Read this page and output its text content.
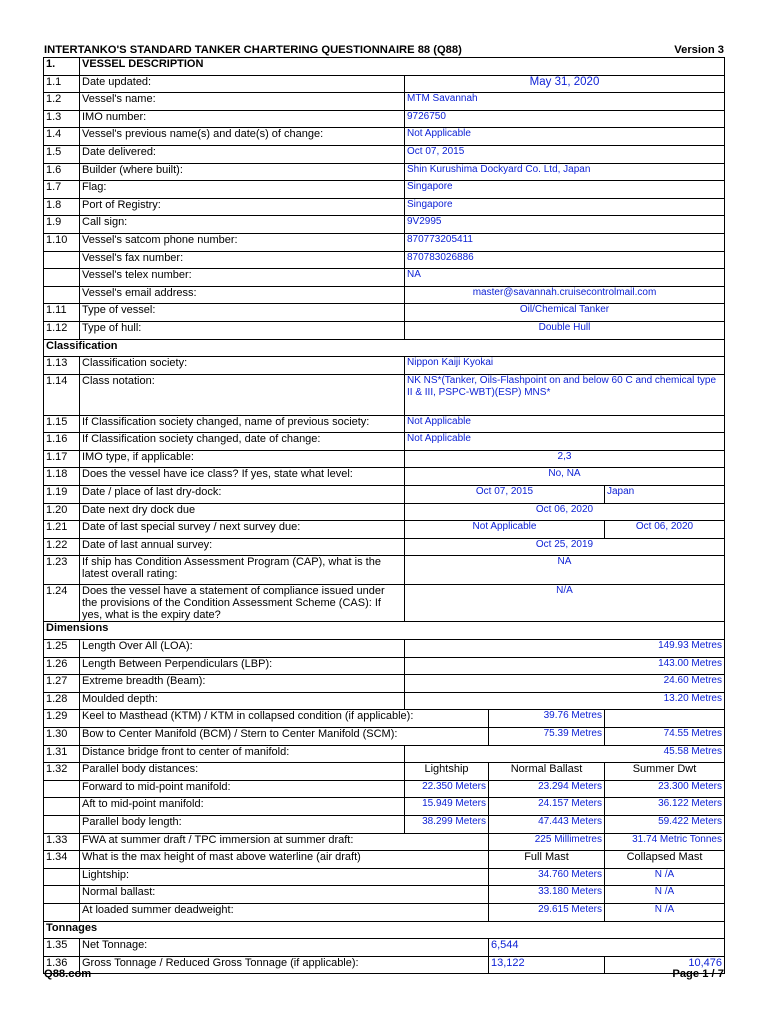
INTERTANKO'S STANDARD TANKER CHARTERING QUESTIONNAIRE 88 (Q88)	Version 3
1.	VESSEL DESCRIPTION			
1.1	Date updated:	May 31, 2020		
1.2	Vessel's name:	MTM Savannah		
1.3	IMO number:	9726750		
1.4	Vessel's previous name(s) and date(s) of change:	Not Applicable		
1.5	Date delivered:	Oct 07, 2015		
1.6	Builder (where built):	Shin Kurushima Dockyard Co. Ltd, Japan		
1.7	Flag:	Singapore		
1.8	Port of Registry:	Singapore		
1.9	Call sign:	9V2995		
1.10	Vessel's satcom phone number:	870773205411		
	Vessel's fax number:	870783026886		
	Vessel's telex number:	NA		
	Vessel's email address:	master@savannah.cruisecontrolmail.com		
1.11	Type of vessel:	Oil/Chemical Tanker		
1.12	Type of hull:	Double Hull		
Classification				
1.13	Classification society:	Nippon Kaiji Kyokai		
1.14	Class notation:	NK NS*(Tanker, Oils-Flashpoint on and below 60 C and chemical type II & III, PSPC-WBT)(ESP) MNS*		
1.15	If Classification society changed, name of previous society:	Not Applicable		
1.16	If Classification society changed, date of change:	Not Applicable		
1.17	IMO type, if applicable:	2,3		
1.18	Does the vessel have ice class? If yes, state what level:	No, NA		
1.19	Date / place of last dry-dock:	Oct 07, 2015		Japan
1.20	Date next dry dock due	Oct 06, 2020		
1.21	Date of last special survey / next survey due:	Not Applicable		Oct 06, 2020
1.22	Date of last annual survey:	Oct 25, 2019		
1.23	If ship has Condition Assessment Program (CAP), what is the latest overall rating:	NA		
1.24	Does the vessel have a statement of compliance issued under the provisions of the Condition Assessment Scheme (CAS): If yes, what is the expiry date?	N/A		
Dimensions				
1.25	Length Over All (LOA):	149.93 Metres		
1.26	Length Between Perpendiculars (LBP):	143.00 Metres		
1.27	Extreme breadth (Beam):	24.60 Metres		
1.28	Moulded depth:	13.20 Metres		
1.29	Keel to Masthead (KTM) / KTM in collapsed condition (if applicable):		39.76 Metres	
1.30	Bow to Center Manifold (BCM) / Stern to Center Manifold (SCM):		75.39 Metres	74.55 Metres
1.31	Distance bridge front to center of manifold:	45.58 Metres		
1.32	Parallel body distances:	Lightship	Normal Ballast	Summer Dwt
	Forward to mid-point manifold:	22.350 Meters	23.294 Meters	23.300 Meters
	Aft to mid-point manifold:	15.949 Meters	24.157 Meters	36.122 Meters
	Parallel body length:	38.299 Meters	47.443 Meters	59.422 Meters
1.33	FWA at summer draft / TPC immersion at summer draft:		225 Millimetres	31.74 Metric Tonnes
1.34	What is the max height of mast above waterline (air draft)		Full Mast	Collapsed Mast
	Lightship:		34.760 Meters	N /A
	Normal ballast:		33.180 Meters	N /A
	At loaded summer deadweight:		29.615 Meters	N /A
Tonnages				
1.35	Net Tonnage:		6,544	
1.36	Gross Tonnage / Reduced Gross Tonnage (if applicable):		13,122	10,476
Q88.com	Page 1 / 7
